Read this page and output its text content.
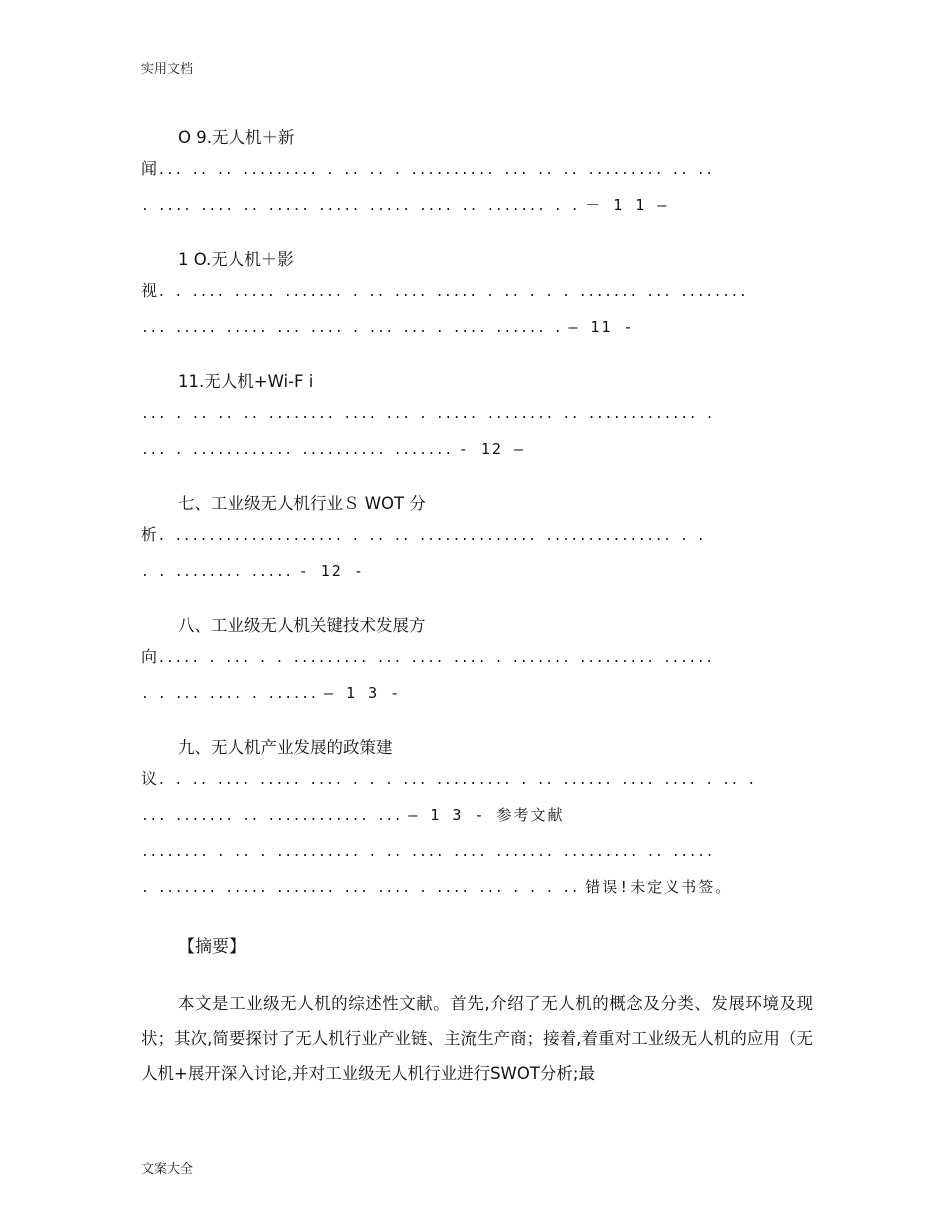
实用文档
O 9.无人机＋新
闻... .. .. ......... . .. .. . .......... ... .. .. ......... .. ..
. .... .... .. ..... ..... ..... .... .. ....... . . － 1 1 —
1 O.无人机＋影
视. . .... ..... ....... . .. .... ..... . .. . . . ....... ... ........
... ..... ..... ... .... . ... ... . .... ...... . — 11 -
11.无人机+Wi-F i
... . .. .. .. ........ .... ... . ..... ........ .. ............. .
... . ............ .......... ....... - 12 —
七、工业级无人机行业Ｓ WOT 分
析. .................... . .. .. .............. ............... . .
. . ........ ..... - 12 -
八、工业级无人机关键技术发展方
向..... . ... . . ......... ... .... .... . ....... ......... ......
. . ... .... . ...... — 1 3 -
九、无人机产业发展的政策建
议. . .. .... ..... .... . . . ... ......... . .. ...... .... .... . .. .
... ....... .. ............ ... — 1 3 - 参考文献
........ . .. . .......... . .. .... .... ....... ......... .. .....
. ....... ..... ....... ... .... . .... ... . . . .. 错误!未定义书签。
【摘要】
本文是工业级无人机的综述性文献。首先,介绍了无人机的概念及分类、发展环境及现状；其次,简要探讨了无人机行业产业链、主流生产商；接着,着重对工业级无人机的应用（无人机+展开深入讨论,并对工业级无人机行业进行SWOT分析;最
文案大全
